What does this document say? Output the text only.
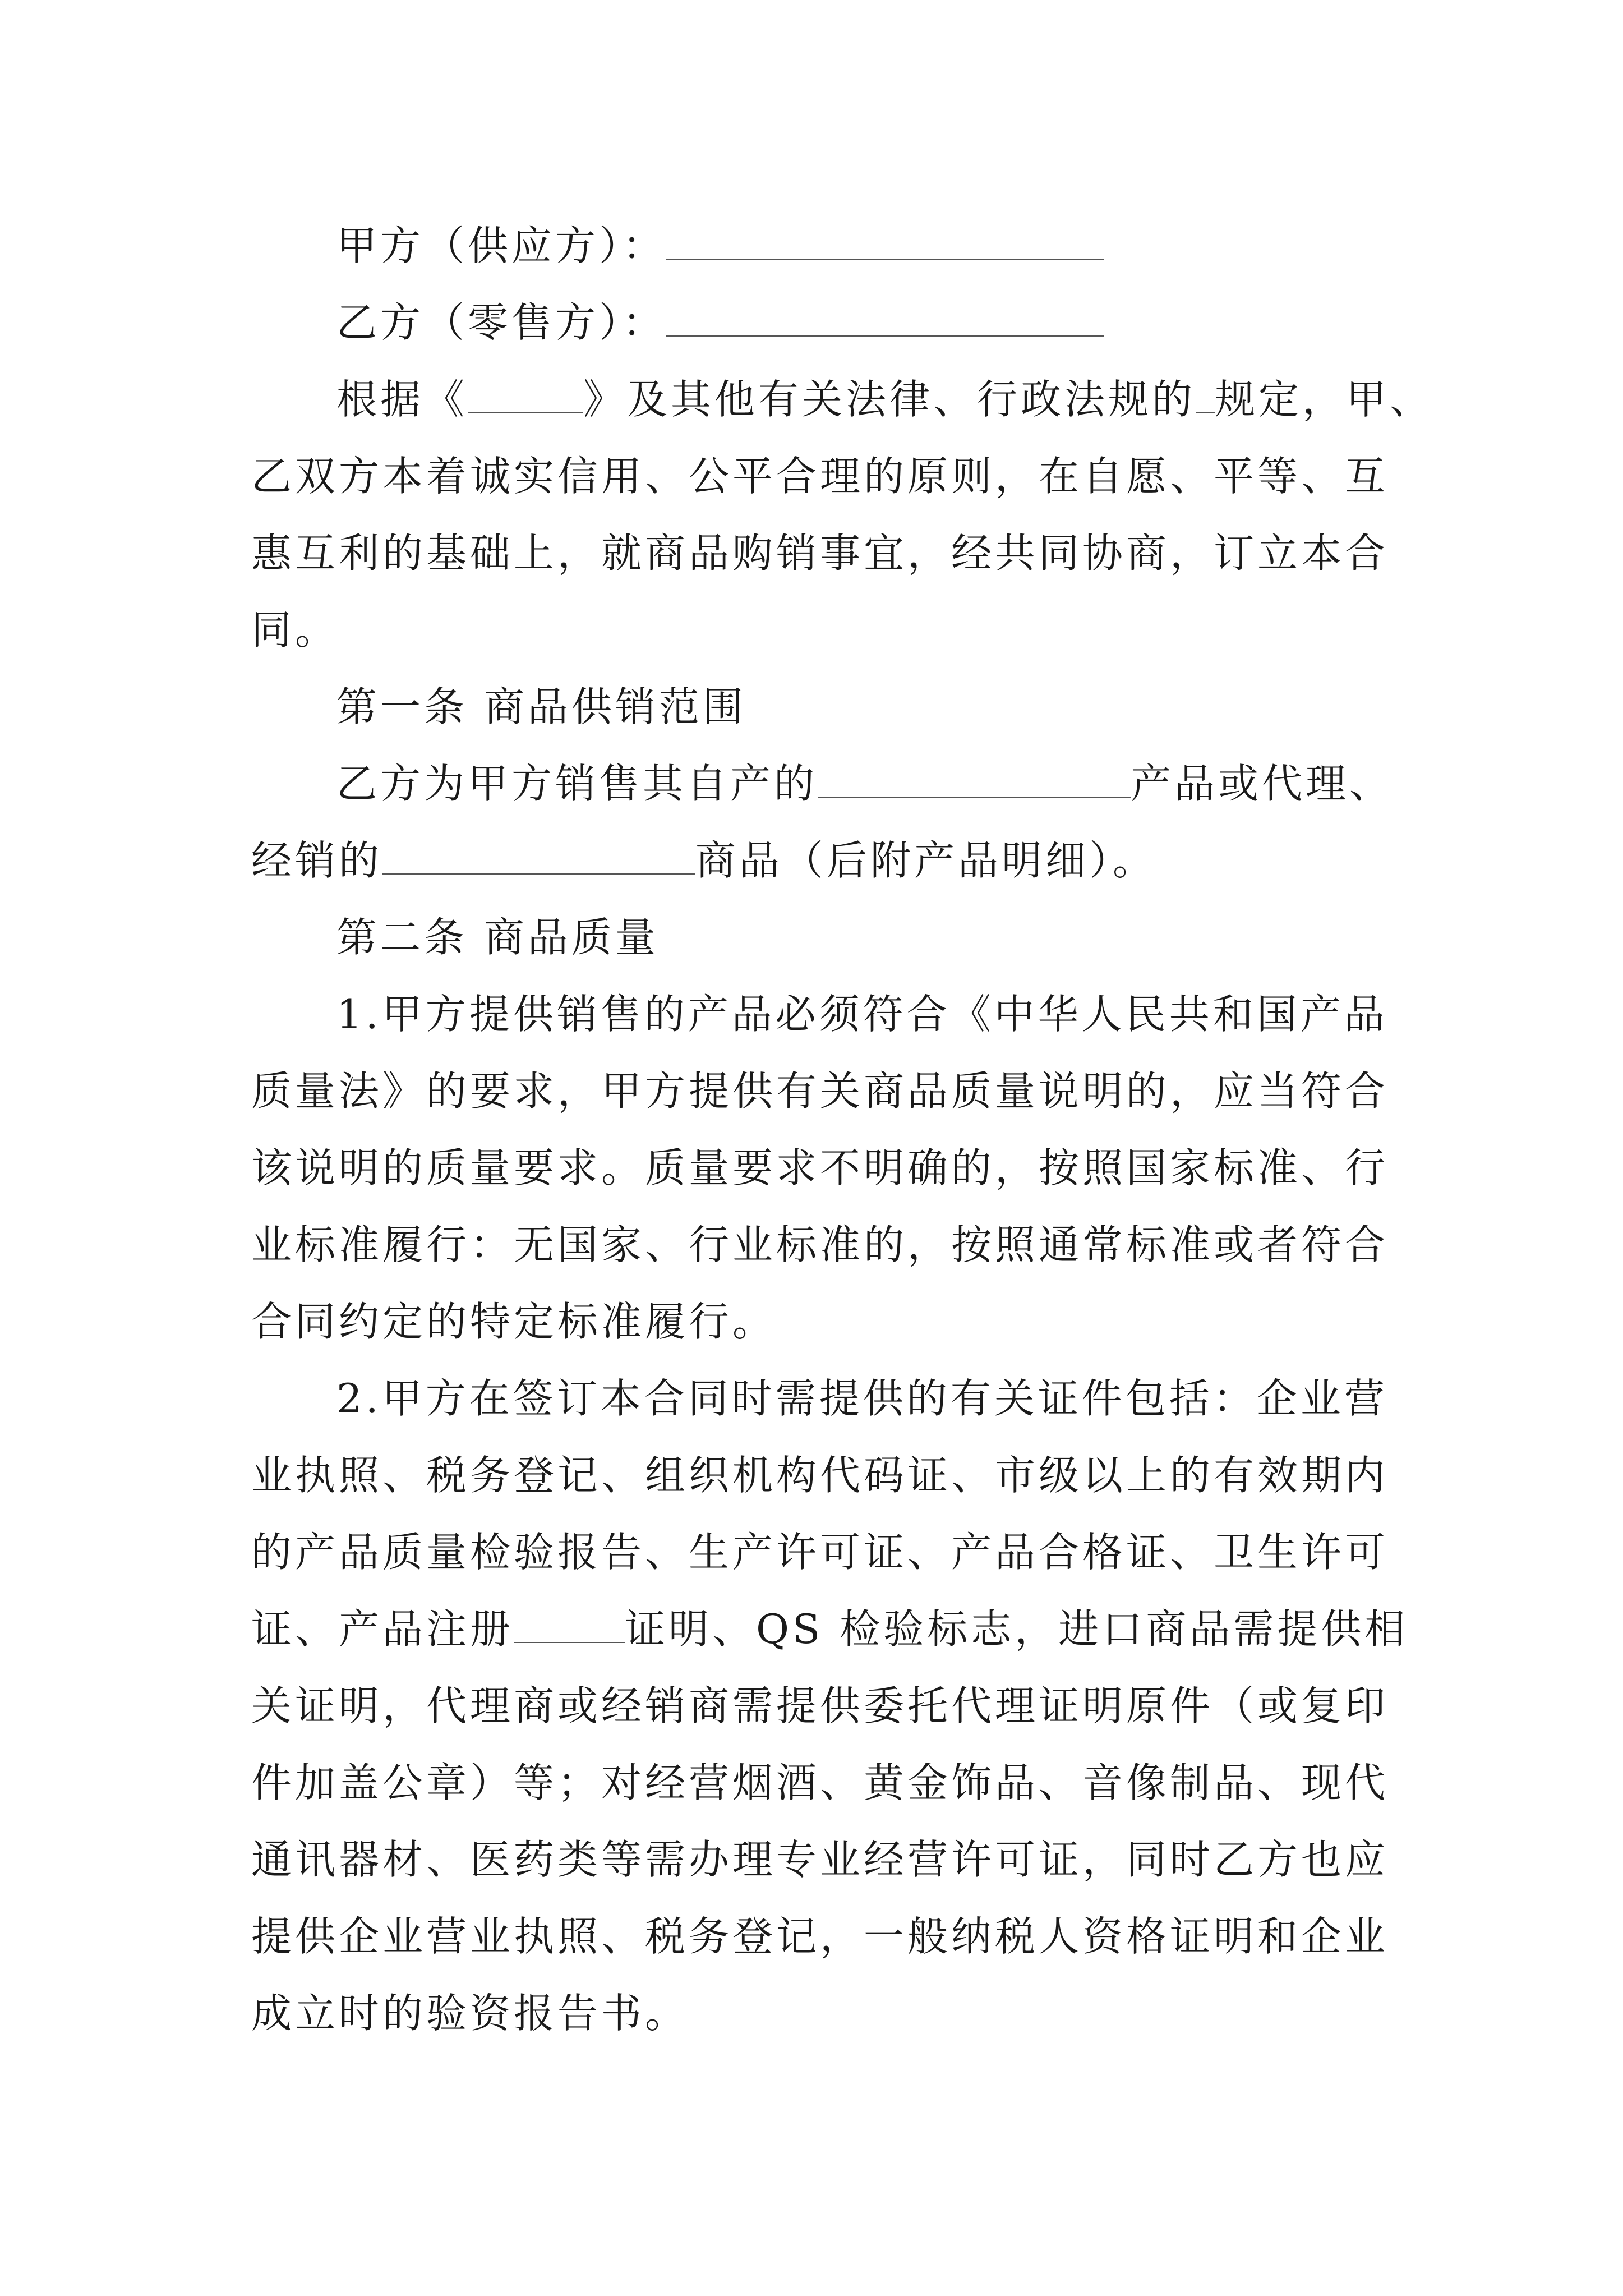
甲方（供应方）：
乙方（零售方）：
根据《	》及其他有关法律、行政法规的 规定，甲、
乙双方本着诚实信用、公平合理的原则，在自愿、平等、互
惠互利的基础上，就商品购销事宜，经共同协商，订立本合
同。
第一条 商品供销范围
乙方为甲方销售其自产的	产品或代理、
经销的	商品（后附产品明细）。
第二条 商品质量
1.甲方提供销售的产品必须符合《中华人民共和国产品
质量法》的要求，甲方提供有关商品质量说明的，应当符合
该说明的质量要求。质量要求不明确的，按照国家标准、行
业标准履行：无国家、行业标准的，按照通常标准或者符合
合同约定的特定标准履行。
2.甲方在签订本合同时需提供的有关证件包括：企业营
业执照、税务登记、组织机构代码证、市级以上的有效期内
的产品质量检验报告、生产许可证、产品合格证、卫生许可
证、产品注册	证明、QS 检验标志，进口商品需提供相
关证明，代理商或经销商需提供委托代理证明原件（或复印
件加盖公章）等；对经营烟酒、黄金饰品、音像制品、现代
通讯器材、医药类等需办理专业经营许可证，同时乙方也应
提供企业营业执照、税务登记，一般纳税人资格证明和企业
成立时的验资报告书。
